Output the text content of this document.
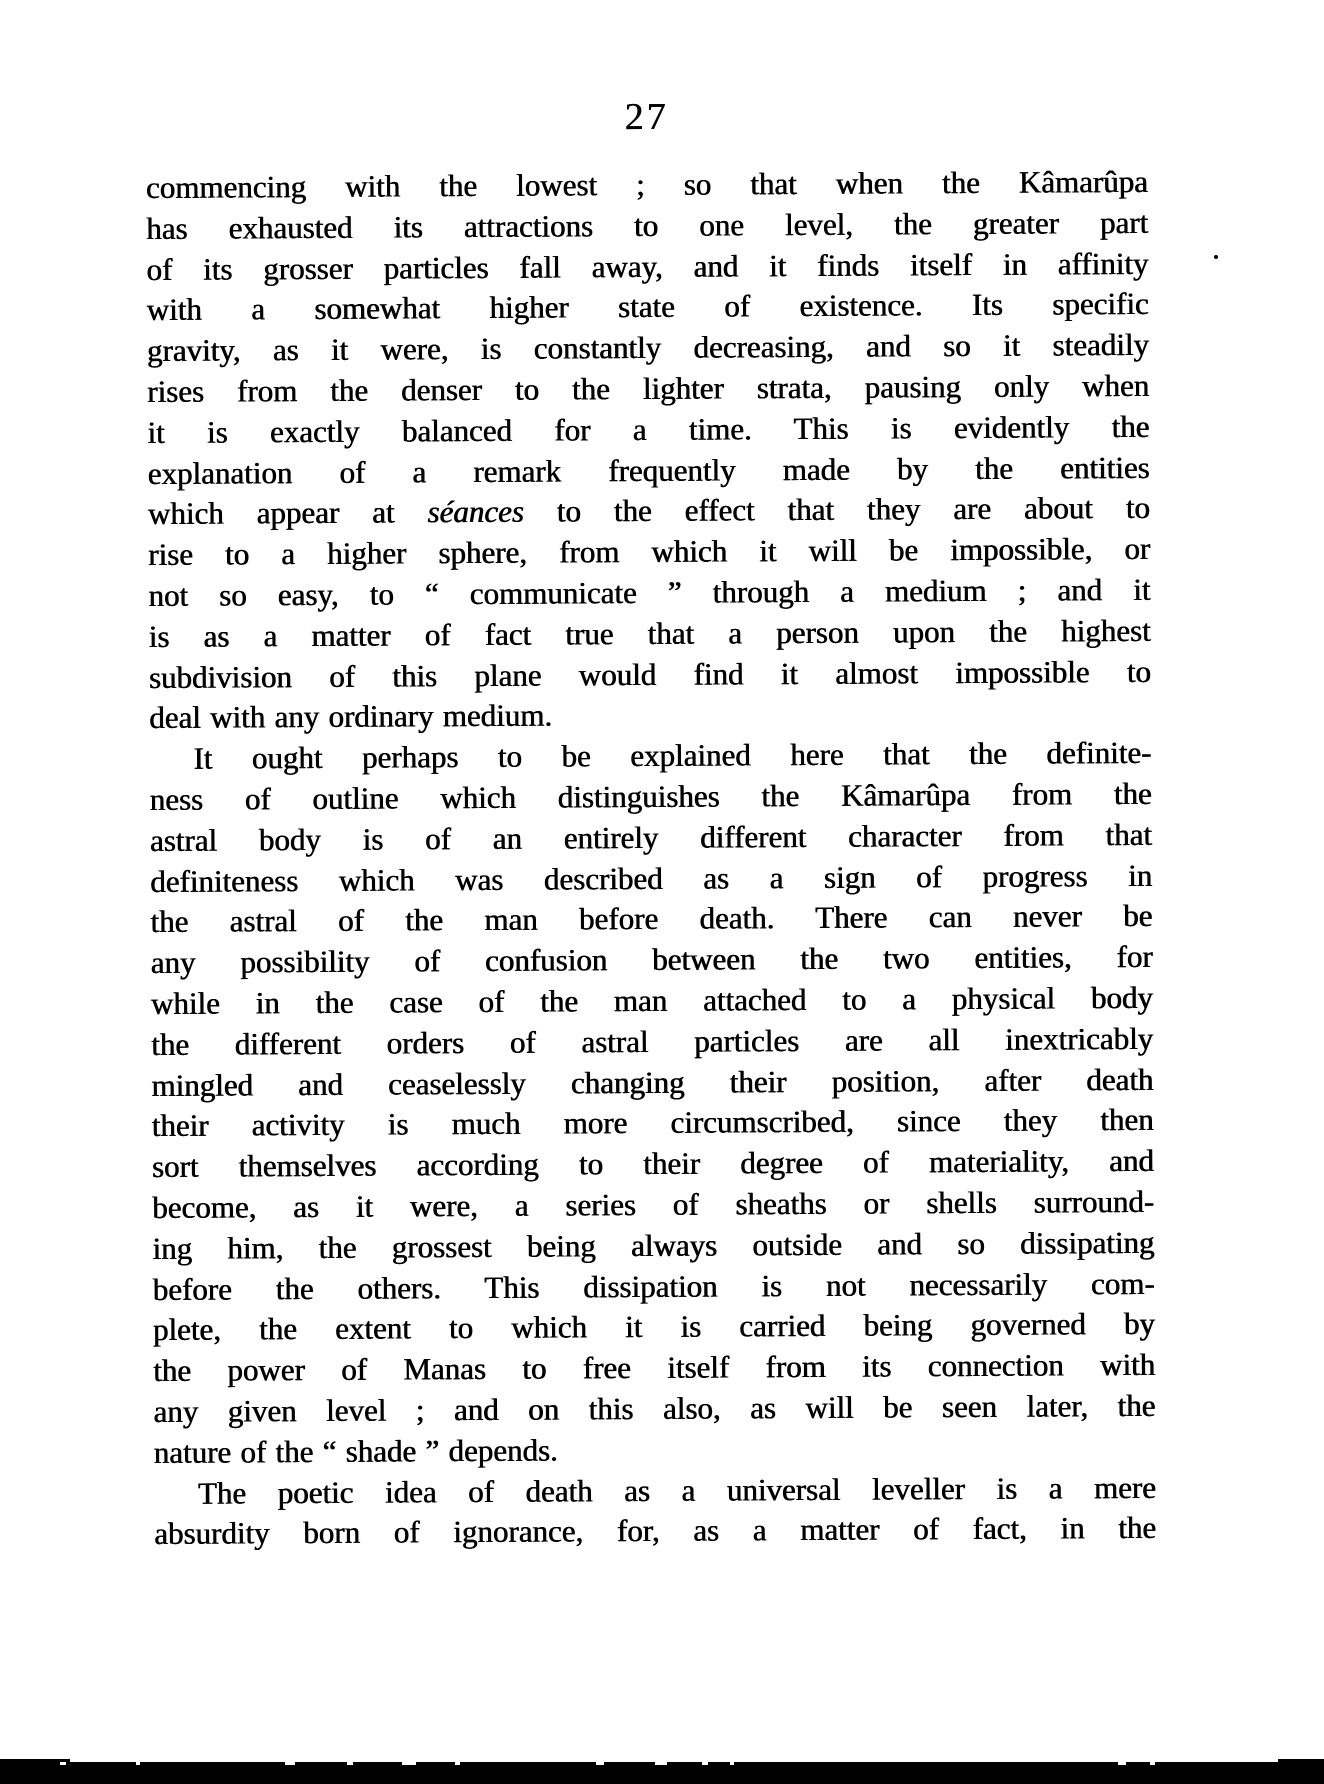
27
commencing with the lowest ; so that when the Kâmarûpa
has exhausted its attractions to one level, the greater part
of its grosser particles fall away, and it finds itself in affinity
with a somewhat higher state of existence. Its specific
gravity, as it were, is constantly decreasing, and so it steadily
rises from the denser to the lighter strata, pausing only when
it is exactly balanced for a time. This is evidently the
explanation of a remark frequently made by the entities
which appear at séances to the effect that they are about to
rise to a higher sphere, from which it will be impossible, or
not so easy, to “ communicate ” through a medium ; and it
is as a matter of fact true that a person upon the highest
subdivision of this plane would find it almost impossible to
deal with any ordinary medium.
It ought perhaps to be explained here that the definite-
ness of outline which distinguishes the Kâmarûpa from the
astral body is of an entirely different character from that
definiteness which was described as a sign of progress in
the astral of the man before death. There can never be
any possibility of confusion between the two entities, for
while in the case of the man attached to a physical body
the different orders of astral particles are all inextricably
mingled and ceaselessly changing their position, after death
their activity is much more circumscribed, since they then
sort themselves according to their degree of materiality, and
become, as it were, a series of sheaths or shells surround-
ing him, the grossest being always outside and so dissipating
before the others. This dissipation is not necessarily com-
plete, the extent to which it is carried being governed by
the power of Manas to free itself from its connection with
any given level ; and on this also, as will be seen later, the
nature of the “ shade ” depends.
The poetic idea of death as a universal leveller is a mere
absurdity born of ignorance, for, as a matter of fact, in the
